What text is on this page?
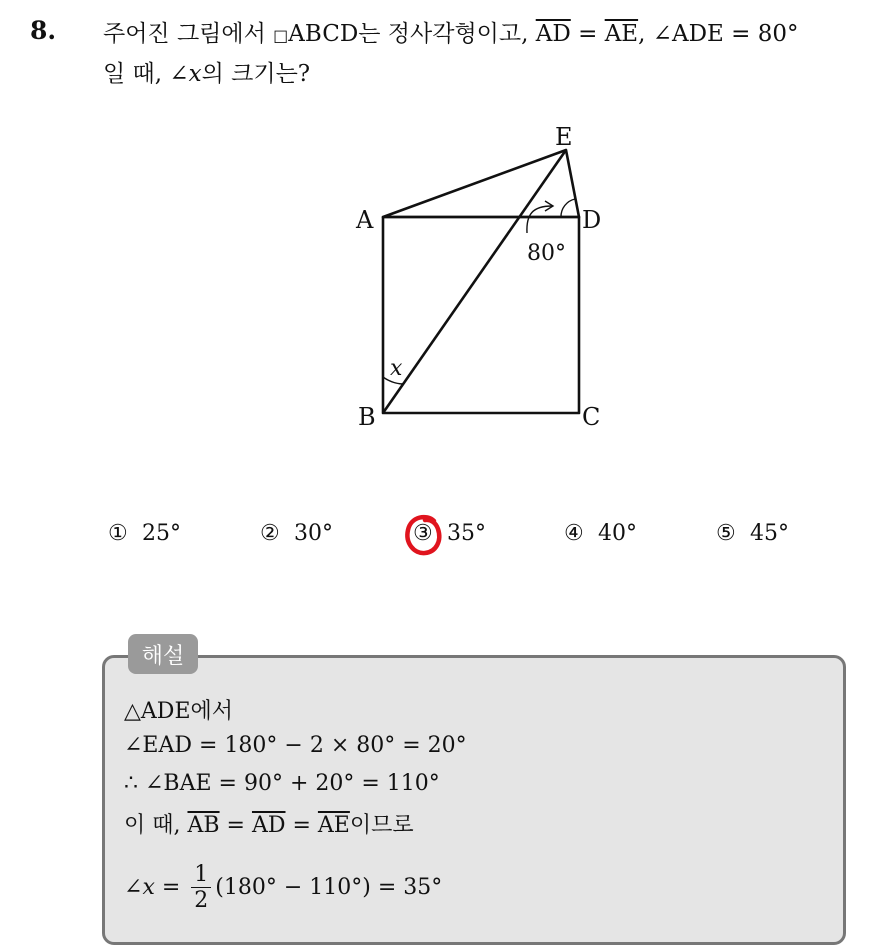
8. 주어진 그림에서 □ABCD는 정사각형이고, $\overline{AD} = \overline{AE}$, ∠ADE = 80°
일 때, ∠x의 크기는?
A
B	C
D
E
80°
x
① 25°	② 30°	③ 35°	④ 40°	⑤ 45°
해설
△ADE에서
∠EAD = 180° − 2 × 80° = 20°
∴ ∠BAE = 90° + 20° = 110°
이 때, $\overline{AB} = \overline{AD} = \overline{AE}$이므로
∠x = $\frac{1}{2} (180^\circ - 110^\circ) = 35^\circ$
